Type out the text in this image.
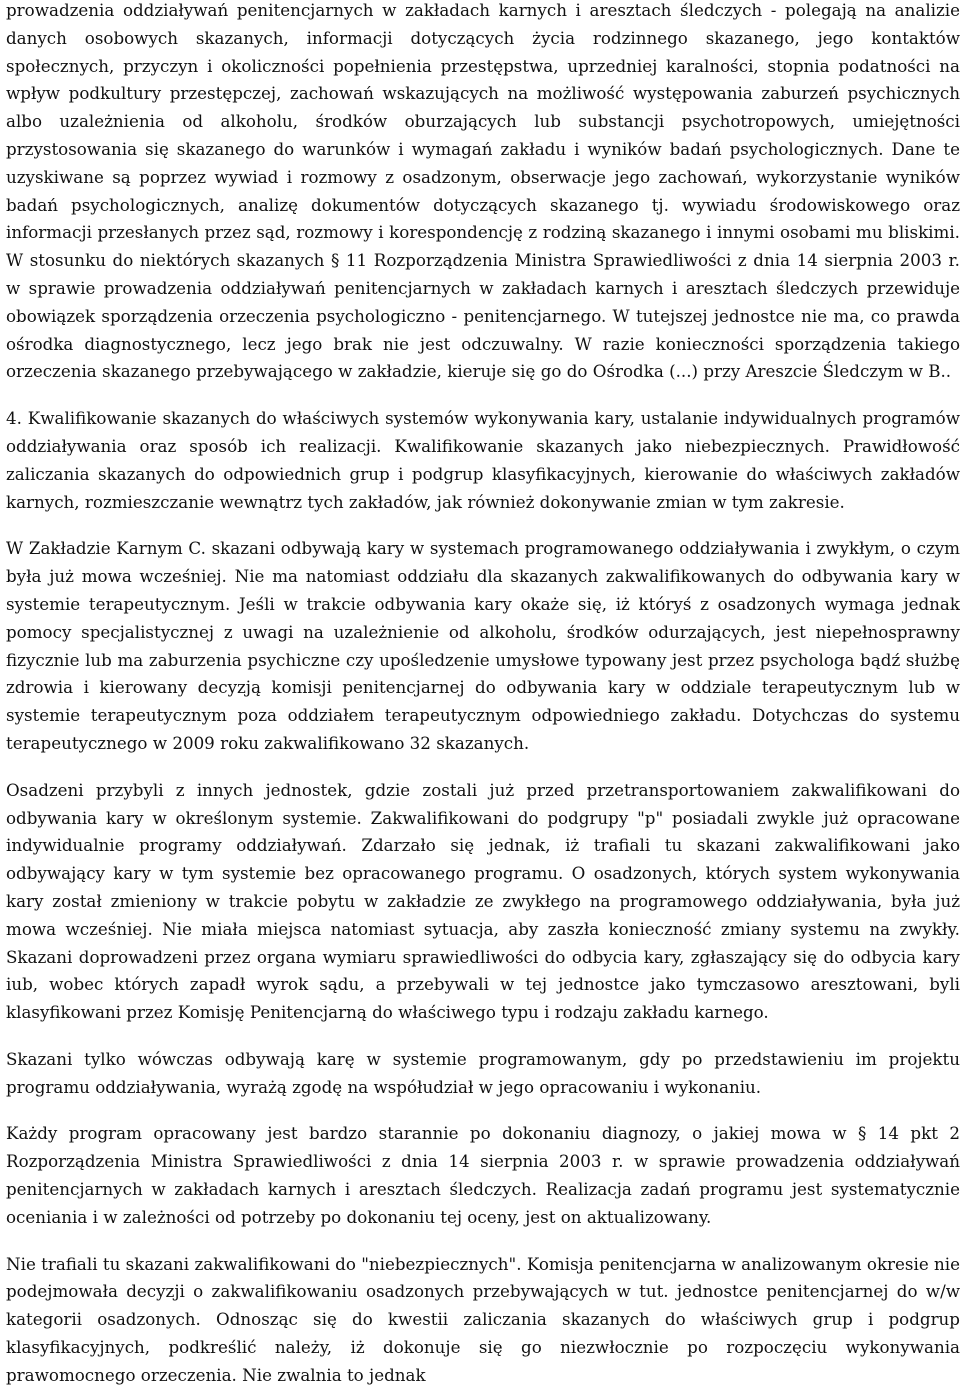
prowadzenia oddziaływań penitencjarnych w zakładach karnych i aresztach śledczych - polegają na analizie danych osobowych skazanych, informacji dotyczących życia rodzinnego skazanego, jego kontaktów społecznych, przyczyn i okoliczności popełnienia przestępstwa, uprzedniej karalności, stopnia podatności na wpływ podkultury przestępczej, zachowań wskazujących na możliwość występowania zaburzeń psychicznych albo uzależnienia od alkoholu, środków oburzających lub substancji psychotropowych, umiejętności przystosowania się skazanego do warunków i wymagań zakładu i wyników badań psychologicznych. Dane te uzyskiwane są poprzez wywiad i rozmowy z osadzonym, obserwacje jego zachowań, wykorzystanie wyników badań psychologicznych, analizę dokumentów dotyczących skazanego tj. wywiadu środowiskowego oraz informacji przesłanych przez sąd, rozmowy i korespondencję z rodziną skazanego i innymi osobami mu bliskimi. W stosunku do niektórych skazanych § 11 Rozporządzenia Ministra Sprawiedliwości z dnia 14 sierpnia 2003 r. w sprawie prowadzenia oddziaływań penitencjarnych w zakładach karnych i aresztach śledczych przewiduje obowiązek sporządzenia orzeczenia psychologiczno - penitencjarnego. W tutejszej jednostce nie ma, co prawda ośrodka diagnostycznego, lecz jego brak nie jest odczuwalny. W razie konieczności sporządzenia takiego orzeczenia skazanego przebywającego w zakładzie, kieruje się go do Ośrodka (...) przy Areszcie Śledczym w B..

4. Kwalifikowanie skazanych do właściwych systemów wykonywania kary, ustalanie indywidualnych programów oddziaływania oraz sposób ich realizacji. Kwalifikowanie skazanych jako niebezpiecznych. Prawidłowość zaliczania skazanych do odpowiednich grup i podgrup klasyfikacyjnych, kierowanie do właściwych zakładów karnych, rozmieszczanie wewnątrz tych zakładów, jak również dokonywanie zmian w tym zakresie.

W Zakładzie Karnym C. skazani odbywają kary w systemach programowanego oddziaływania i zwykłym, o czym była już mowa wcześniej. Nie ma natomiast oddziału dla skazanych zakwalifikowanych do odbywania kary w systemie terapeutycznym. Jeśli w trakcie odbywania kary okaże się, iż któryś z osadzonych wymaga jednak pomocy specjalistycznej z uwagi na uzależnienie od alkoholu, środków odurzających, jest niepełnosprawny fizycznie lub ma zaburzenia psychiczne czy upośledzenie umysłowe typowany jest przez psychologa bądź służbę zdrowia i kierowany decyzją komisji penitencjarnej do odbywania kary w oddziale terapeutycznym lub w systemie terapeutycznym poza oddziałem terapeutycznym odpowiedniego zakładu. Dotychczas do systemu terapeutycznego w 2009 roku zakwalifikowano 32 skazanych.

Osadzeni przybyli z innych jednostek, gdzie zostali już przed przetransportowaniem zakwalifikowani do odbywania kary w określonym systemie. Zakwalifikowani do podgrupy "p" posiadali zwykle już opracowane indywidualnie programy oddziaływań. Zdarzało się jednak, iż trafiali tu skazani zakwalifikowani jako odbywający kary w tym systemie bez opracowanego programu. O osadzonych, których system wykonywania kary został zmieniony w trakcie pobytu w zakładzie ze zwykłego na programowego oddziaływania, była już mowa wcześniej. Nie miała miejsca natomiast sytuacja, aby zaszła konieczność zmiany systemu na zwykły. Skazani doprowadzeni przez organa wymiaru sprawiedliwości do odbycia kary, zgłaszający się do odbycia kary iub, wobec których zapadł wyrok sądu, a przebywali w tej jednostce jako tymczasowo aresztowani, byli klasyfikowani przez Komisję Penitencjarną do właściwego typu i rodzaju zakładu karnego.

Skazani tylko wówczas odbywają karę w systemie programowanym, gdy po przedstawieniu im projektu programu oddziaływania, wyrażą zgodę na współudział w jego opracowaniu i wykonaniu.

Każdy program opracowany jest bardzo starannie po dokonaniu diagnozy, o jakiej mowa w § 14 pkt 2 Rozporządzenia Ministra Sprawiedliwości z dnia 14 sierpnia 2003 r. w sprawie prowadzenia oddziaływań penitencjarnych w zakładach karnych i aresztach śledczych. Realizacja zadań programu jest systematycznie oceniania i w zależności od potrzeby po dokonaniu tej oceny, jest on aktualizowany.

Nie trafiali tu skazani zakwalifikowani do "niebezpiecznych". Komisja penitencjarna w analizowanym okresie nie podejmowała decyzji o zakwalifikowaniu osadzonych przebywających w tut. jednostce penitencjarnej do w/w kategorii osadzonych. Odnosząc się do kwestii zaliczania skazanych do właściwych grup i podgrup klasyfikacyjnych, podkreślić należy, iż dokonuje się go niezwłocznie po rozpoczęciu wykonywania prawomocnego orzeczenia. Nie zwalnia to jednak
